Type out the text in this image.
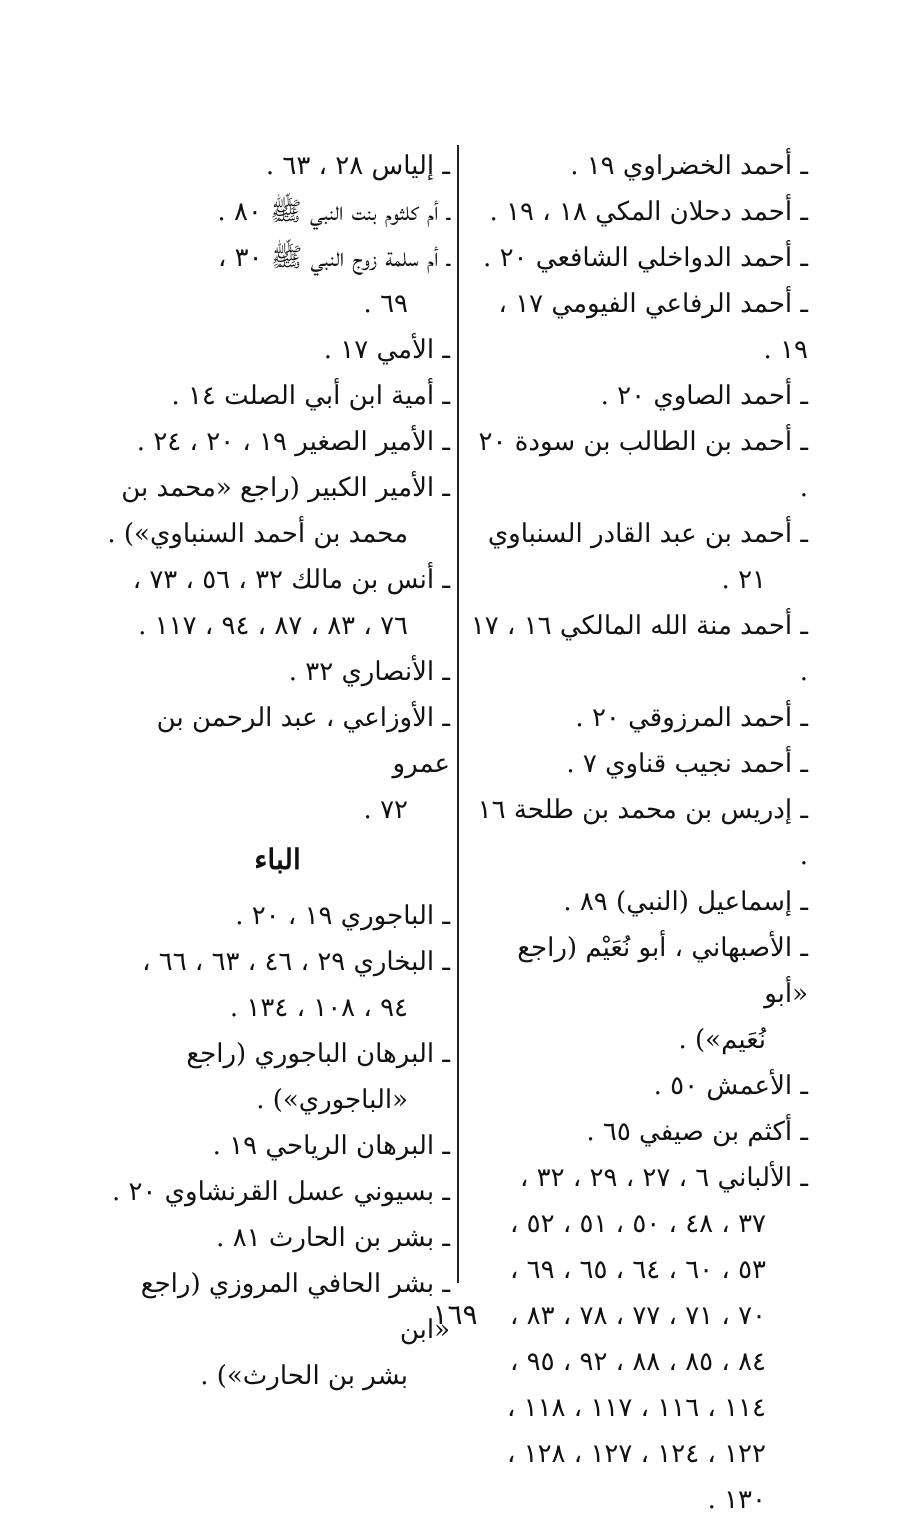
ـ أحمد الخضراوي ١٩ .
ـ أحمد دحلان المكي ١٨ ، ١٩ .
ـ أحمد الدواخلي الشافعي ٢٠ .
ـ أحمد الرفاعي الفيومي ١٧ ، ١٩ .
ـ أحمد الصاوي ٢٠ .
ـ أحمد بن الطالب بن سودة ٢٠ .
ـ أحمد بن عبد القادر السنباوي
٢١ .
ـ أحمد منة الله المالكي ١٦ ، ١٧ .
ـ أحمد المرزوقي ٢٠ .
ـ أحمد نجيب قناوي ٧ .
ـ إدريس بن محمد بن طلحة ١٦ .
ـ إسماعيل (النبي) ٨٩ .
ـ الأصبهاني ، أبو نُعَيْم (راجع «أبو
نُعَيم») .
ـ الأعمش ٥٠ .
ـ أكثم بن صيفي ٦٥ .
ـ الألباني ٦ ، ٢٧ ، ٢٩ ، ٣٢ ،
٣٧ ، ٤٨ ، ٥٠ ، ٥١ ، ٥٢ ،
٥٣ ، ٦٠ ، ٦٤ ، ٦٥ ، ٦٩ ،
٧٠ ، ٧١ ، ٧٧ ، ٧٨ ، ٨٣ ،
٨٤ ، ٨٥ ، ٨٨ ، ٩٢ ، ٩٥ ،
١١٤ ، ١١٦ ، ١١٧ ، ١١٨ ،
١٢٢ ، ١٢٤ ، ١٢٧ ، ١٢٨ ،
١٣٠ .
ـ إلياس ٢٨ ، ٦٣ .
ـ أم كلثوم بنت النبي ﷺ ٨٠ .
ـ أم سلمة زوج النبي ﷺ ٣٠ ،
٦٩ .
ـ الأمي ١٧ .
ـ أمية ابن أبي الصلت ١٤ .
ـ الأمير الصغير ١٩ ، ٢٠ ، ٢٤ .
ـ الأمير الكبير (راجع «محمد بن
محمد بن أحمد السنباوي») .
ـ أنس بن مالك ٣٢ ، ٥٦ ، ٧٣ ،
٧٦ ، ٨٣ ، ٨٧ ، ٩٤ ، ١١٧ .
ـ الأنصاري ٣٢ .
ـ الأوزاعي ، عبد الرحمن بن عمرو
٧٢ .
الباء
ـ الباجوري ١٩ ، ٢٠ .
ـ البخاري ٢٩ ، ٤٦ ، ٦٣ ، ٦٦ ،
٩٤ ، ١٠٨ ، ١٣٤ .
ـ البرهان الباجوري (راجع
«الباجوري») .
ـ البرهان الرياحي ١٩ .
ـ بسيوني عسل القرنشاوي ٢٠ .
ـ بشر بن الحارث ٨١ .
ـ بشر الحافي المروزي (راجع «ابن
بشر بن الحارث») .
١٦٩
